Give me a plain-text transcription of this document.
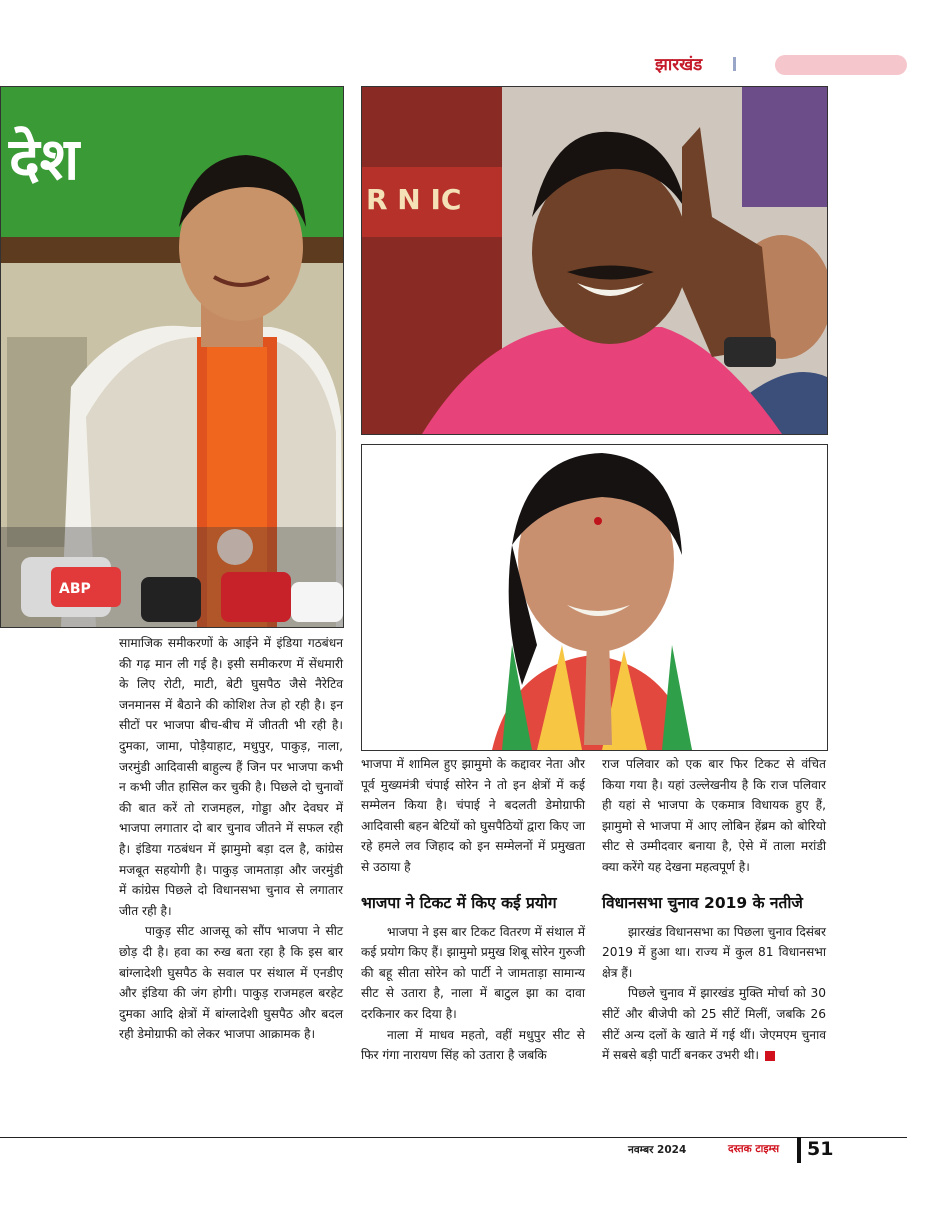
झारखंड
देश
ABP
R N IC

सामाजिक समीकरणों के आईने में इंडिया गठबंधन की गढ़ मान ली गई है। इसी समीकरण में सेंधमारी के लिए रोटी, माटी, बेटी घुसपैठ जैसे नैरेटिव जनमानस में बैठाने की कोशिश तेज हो रही है। इन सीटों पर भाजपा बीच-बीच में जीतती भी रही है। दुमका, जामा, पोड़ैयाहाट, मधुपुर, पाकुड़, नाला, जरमुंडी आदिवासी बाहुल्य हैं जिन पर भाजपा कभी न कभी जीत हासिल कर चुकी है। पिछले दो चुनावों की बात करें तो राजमहल, गोड्डा और देवघर में भाजपा लगातार दो बार चुनाव जीतने में सफल रही है। इंडिया गठबंधन में झामुमो बड़ा दल है, कांग्रेस मजबूत सहयोगी है। पाकुड़ जामताड़ा और जरमुंडी में कांग्रेस पिछले दो विधानसभा चुनाव से लगातार जीत रही है।

पाकुड़ सीट आजसू को सौंप भाजपा ने सीट छोड़ दी है। हवा का रुख बता रहा है कि इस बार बांग्लादेशी घुसपैठ के सवाल पर संथाल में एनडीए और इंडिया की जंग होगी। पाकुड़ राजमहल बरहेट दुमका आदि क्षेत्रों में बांग्लादेशी घुसपैठ और बदल रही डेमोग्राफी को लेकर भाजपा आक्रामक है।

भाजपा में शामिल हुए झामुमो के कद्दावर नेता और पूर्व मुख्यमंत्री चंपाई सोरेन ने तो इन क्षेत्रों में कई सम्मेलन किया है। चंपाई ने बदलती डेमोग्राफी आदिवासी बहन बेटियों को घुसपैठियों द्वारा किए जा रहे हमले लव जिहाद को इन सम्मेलनों में प्रमुखता से उठाया है

भाजपा ने टिकट में किए कई प्रयोग

भाजपा ने इस बार टिकट वितरण में संथाल में कई प्रयोग किए हैं। झामुमो प्रमुख शिबू सोरेन गुरुजी की बहू सीता सोरेन को पार्टी ने जामताड़ा सामान्य सीट से उतारा है, नाला में बाटुल झा का दावा दरकिनार कर दिया है।

नाला में माधव महतो, वहीं मधुपुर सीट से फिर गंगा नारायण सिंह को उतारा है जबकि

राज पलिवार को एक बार फिर टिकट से वंचित किया गया है। यहां उल्लेखनीय है कि राज पलिवार ही यहां से भाजपा के एकमात्र विधायक हुए हैं, झामुमो से भाजपा में आए लोबिन हेंब्रम को बोरियो सीट से उम्मीदवार बनाया है, ऐसे में ताला मरांडी क्या करेंगे यह देखना महत्वपूर्ण है।

विधानसभा चुनाव 2019 के नतीजे

झारखंड विधानसभा का पिछला चुनाव दिसंबर 2019 में हुआ था। राज्य में कुल 81 विधानसभा क्षेत्र हैं।

पिछले चुनाव में झारखंड मुक्ति मोर्चा को 30 सीटें और बीजेपी को 25 सीटें मिलीं, जबकि 26 सीटें अन्य दलों के खाते में गई थीं। जेएमएम चुनाव में सबसे बड़ी पार्टी बनकर उभरी थी।

नवम्बर 2024	दस्तक टाइम्स 51
